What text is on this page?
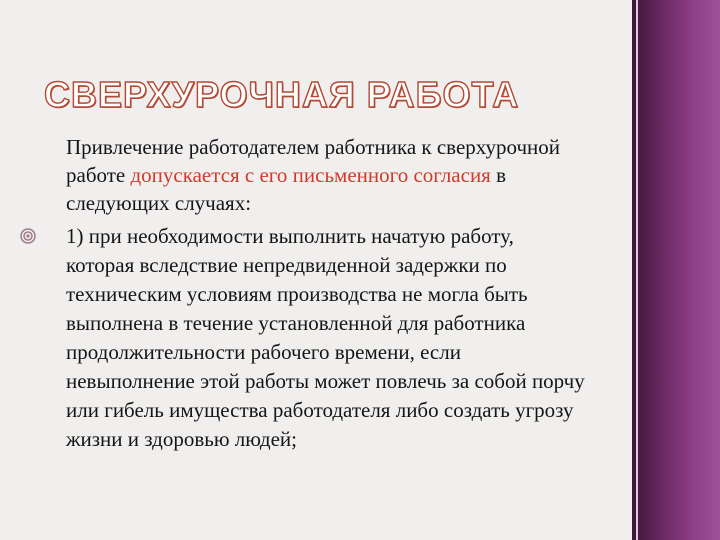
СВЕРХУРОЧНАЯ РАБОТА

Привлечение работодателем работника к сверхурочной работе допускается с его письменного согласия в следующих случаях:

1) при необходимости выполнить начатую работу, которая вследствие непредвиденной задержки по техническим условиям производства не могла быть выполнена в течение установленной для работника продолжительности рабочего времени, если невыполнение этой работы может повлечь за собой порчу или гибель имущества работодателя либо создать угрозу жизни и здоровью людей;
